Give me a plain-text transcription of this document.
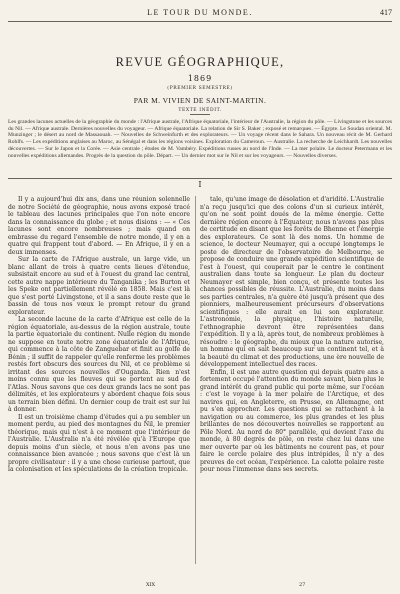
LE TOUR DU MONDE.	417
REVUE GÉOGRAPHIQUE,
1869
(PREMIER SEMESTRE)
PAR M. VIVIEN DE SAINT-MARTIN.
TEXTE INÉDIT.
Les grandes lacunes actuelles de la géographie du monde : l'Afrique australe, l'Afrique équatoriale, l'intérieur de l'Australie, la région du pôle. — Livingstone et les sources du Nil. — Afrique australe. Dernières nouvelles du voyageur. — Afrique équatoriale. La relation de Sir S. Baker ; exposé et remarques. — Égypte. Le Soudan oriental. M. Munzinger ; le désert au nord de Massaouah. — Nouvelles de Schweinfurth et des explorateurs. — Un voyage récent dans le Sahara. Un nouveau récit de M. Gerhard Rohlfs. — Les expéditions anglaises au Maroc, au Sénégal et dans les régions voisines. Exploration du Cameroun. — Australie. La recherche de Leichhardt. Les nouvelles découvertes. — Sur le Japon et la Corée. — Asie centrale ; études de M. Vambéry. Expéditions russes au nord de l'Inde. — La mer polaire. Le docteur Petermann et les nouvelles expéditions allemandes. Progrès de la question du pôle. Départ. — Un dernier mot sur le Nil et sur les voyageurs. — Nouvelles diverses.
I

Il y a aujourd'hui dix ans, dans une réunion solennelle de notre Société de géographie, nous avons exposé tracé le tableau des lacunes principales que l'on note encore dans la connaissance du globe ; et nous disions : — « Ces lacunes sont encore nombreuses ; mais quand on embrasse du regard l'ensemble de notre monde, il y en a quatre qui frappent tout d'abord. — En Afrique, il y en a deux immenses.

Sur la carte de l'Afrique australe, un large vide, un blanc allant de trois à quatre cents lieues d'étendue, subsistait encore au sud et à l'ouest du grand lac central, cette autre nappe intérieure du Tanganika ; les Burton et les Speke ont partiellement révélé en 1858. Mais c'est là que s'est porté Livingstone, et il a sans doute reste que le bassin de tous nos vœux le prompt retour du grand explorateur.

La seconde lacune de la carte d'Afrique est celle de la région équatoriale, au-dessus de la région australe, toute la partie équatoriale du continent. Nulle région du monde ne suppose en toute notre zone équatoriale de l'Afrique, qui commence à la côte de Zanguebar et finit au golfe de Bénin ; il suffit de rappeler qu'elle renferme les problèmes restés fort obscurs des sources du Nil, et ce problème si irritant des sources nouvelles d'Ouganda. Rien n'est moins connu que les fleuves qui se portent au sud de l'Atlas. Nous savons que ces deux grands lacs ne sont pas délimités, et les explorateurs y abordent chaque fois sous un terrain bien défini. Un dernier coup de trait est sur lui à donner.

Il est un troisième champ d'études qui a pu sembler un moment perdu, au pied des montagnes du Nil, le premier théorique, mais qui n'est à ce moment que l'intérieur de l'Australie. L'Australie n'a été révélée qu'à l'Europe que depuis moins d'un siècle, et nous n'en avons pas une connaissance bien avancée ; nous savons que c'est là un propre civilisateur : il y a une chose curieuse partout, que la colonisation et les spéculations de la création tropicale.

tale, qu'une image de désolation et d'aridité. L'Australie n'a reçu jusqu'ici que des colons d'un si curieux intérêt, qu'on ne sont point doués de la même énergie. Cette dernière région encore à l'Équateur, nous n'avons pas plus de certitude en disant que les forêts de Bhenne et l'énergie des explorateurs. Ce sont là des noms. Un homme de science, le docteur Neumayer, qui a occupé longtemps le poste de directeur de l'observatoire de Melbourne, se propose de conduire une grande expédition scientifique de l'est à l'ouest, qui couperait par le centre le continent australien dans toute sa longueur. Le plan du docteur Neumayer est simple, bien conçu, et présente toutes les chances possibles de réussite. L'Australie, du moins dans ses parties centrales, n'a guère été jusqu'à présent que des pionniers, malheureusement précurseurs d'observations scientifiques : elle aurait en lui son explorateur. L'astronomie, la physique, l'histoire naturelle, l'ethnographie devront être représentées dans l'expédition. Il y a là, après tout, de nombreux problèmes à résoudre : le géographe, du mieux que la nature autorise, un homme qui en sait beaucoup sur un continent tel, et à la beauté du climat et des productions, une ère nouvelle de développement intellectuel des races.

Enfin, il est une autre question qui depuis quatre ans a fortement occupé l'attention du monde savant, bien plus le grand intérêt du grand public qui porte même, sur l'océan : c'est le voyage à la mer polaire de l'Arctique, et des navires qui, en Angleterre, en Prusse, en Allemagne, ont pu s'en approcher. Les questions qui se rattachent à la navigation ou au commerce, les plus grandes et les plus brillantes de nos découvertes nouvelles se rapportent au Pôle Nord. Au nord de 80° parallèle, qui devient l'axe du monde, à 80 degrés de pôle, on reste chez lui dans une mer ouverte par où les bâtiments ne courent pas, et pour faire le cercle polaire des plus intrépides, il n'y a des preuves de cet océan, l'expérience. La calotte polaire reste pour nous l'immense dans ses secrets.

XIX	27
